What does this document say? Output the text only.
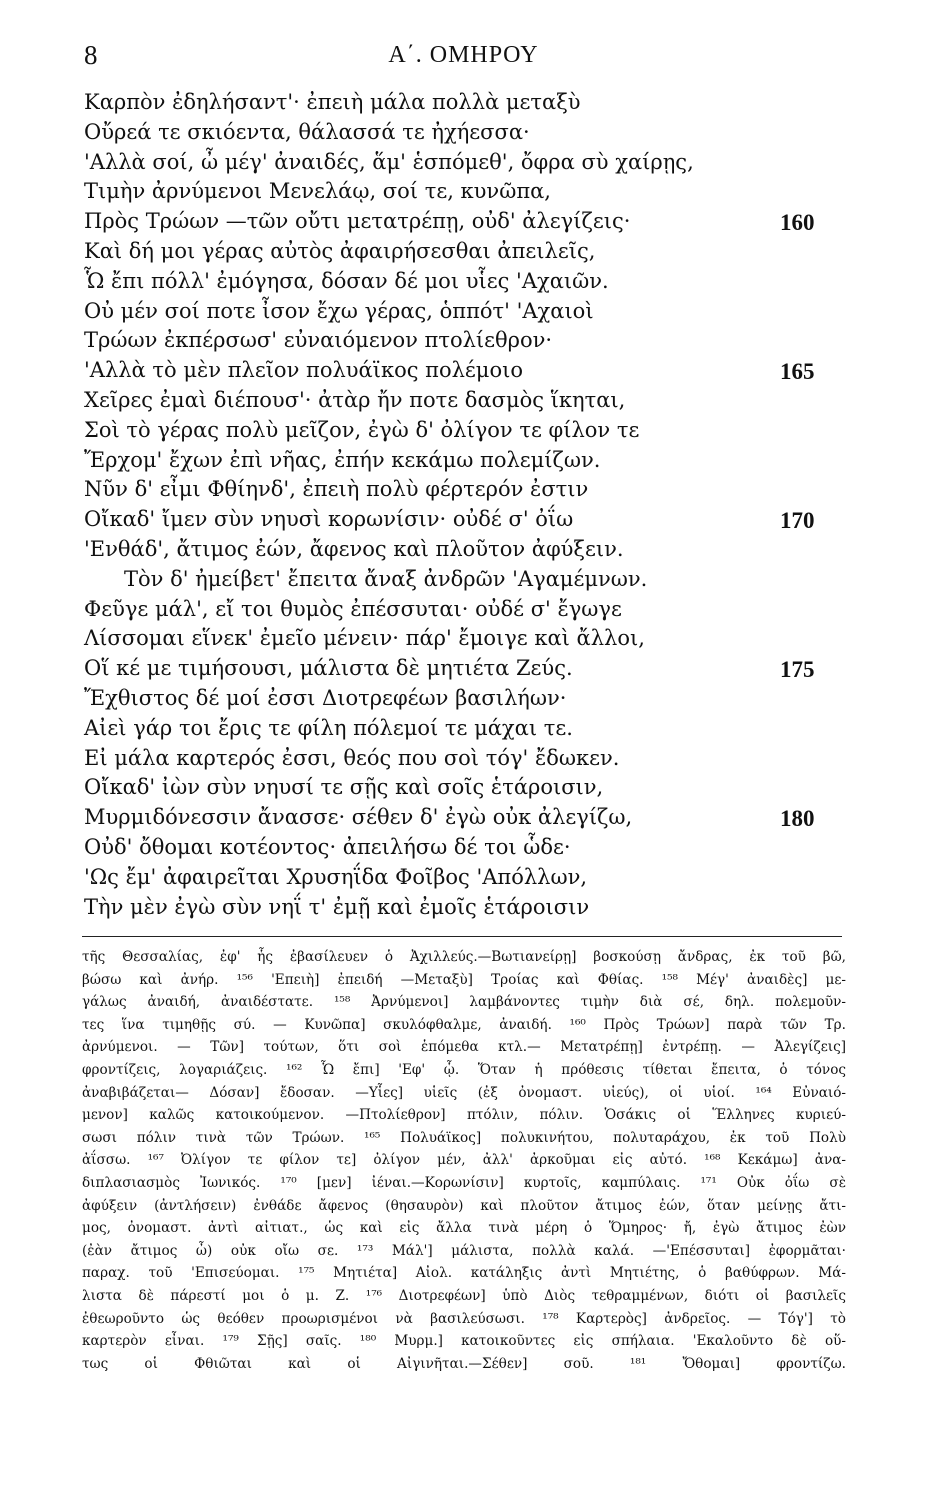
8	Α΄. ΟΜΗΡΟΥ
Καρπὸν ἐδηλήσαντ'· ἐπειὴ μάλα πολλὰ μεταξὺ
Οὔρεά τε σκιόεντα, θάλασσά τε ἠχήεσσα·
'Αλλὰ σοί, ὦ μέγ' ἀναιδές, ἅμ' ἑσπόμεθ', ὄφρα σὺ χαίρῃς,
Τιμὴν ἀρνύμενοι Μενελάῳ, σοί τε, κυνῶπα,
Πρὸς Τρώων —τῶν οὔτι μετατρέπῃ, οὐδ' ἀλεγίζεις·	160
Καὶ δή μοι γέρας αὐτὸς ἀφαιρήσεσθαι ἀπειλεῖς,
Ὧ ἔπι πόλλ' ἐμόγησα, δόσαν δέ μοι υἷες 'Αχαιῶν.
Οὐ μέν σοί ποτε ἶσον ἔχω γέρας, ὁππότ' 'Αχαιοὶ
Τρώων ἐκπέρσωσ' εὐναιόμενον πτολίεθρον·
'Αλλὰ τὸ μὲν πλεῖον πολυάϊκος πολέμοιο	165
Χεῖρες ἐμαὶ διέπουσ'· ἀτὰρ ἤν ποτε δασμὸς ἵκηται,
Σοὶ τὸ γέρας πολὺ μεῖζον, ἐγὼ δ' ὀλίγον τε φίλον τε
Ἔρχομ' ἔχων ἐπὶ νῆας, ἐπήν κεκάμω πολεμίζων.
Νῦν δ' εἶμι Φθίηνδ', ἐπειὴ πολὺ φέρτερόν ἐστιν
Οἴκαδ' ἴμεν σὺν νηυσὶ κορωνίσιν· οὐδέ σ' ὀΐω	170
'Ενθάδ', ἄτιμος ἐών, ἄφενος καὶ πλοῦτον ἀφύξειν.
Τὸν δ' ἠμείβετ' ἔπειτα ἄναξ ἀνδρῶν 'Αγαμέμνων.
Φεῦγε μάλ', εἴ τοι θυμὸς ἐπέσσυται· οὐδέ σ' ἔγωγε
Λίσσομαι εἵνεκ' ἐμεῖο μένειν· πάρ' ἔμοιγε καὶ ἄλλοι,
Οἵ κέ με τιμήσουσι, μάλιστα δὲ μητιέτα Ζεύς.	175
Ἔχθιστος δέ μοί ἐσσι Διοτρεφέων βασιλήων·
Αἰεὶ γάρ τοι ἔρις τε φίλη πόλεμοί τε μάχαι τε.
Εἰ μάλα καρτερός ἐσσι, θεός που σοὶ τόγ' ἔδωκεν.
Οἴκαδ' ἰὼν σὺν νηυσί τε σῇς καὶ σοῖς ἑτάροισιν,
Μυρμιδόνεσσιν ἄνασσε· σέθεν δ' ἐγὼ οὐκ ἀλεγίζω,	180
Οὐδ' ὄθομαι κοτέοντος· ἀπειλήσω δέ τοι ὧδε·
'Ως ἔμ' ἀφαιρεῖται Χρυσηΐδα Φοῖβος 'Απόλλων,
Τὴν μὲν ἐγὼ σὺν νηΐ τ' ἐμῇ καὶ ἐμοῖς ἑτάροισιν
τῆς Θεσσαλίας, ἐφ' ἧς ἐβασίλευεν ὁ Ἀχιλλεύς.—Βωτιανείρῃ] βοσκούσῃ ἄνδρας, ἐκ τοῦ βῶ,
βώσω καὶ ἀνήρ. ¹⁵⁶ 'Επειὴ] ἐπειδή —Μεταξὺ] Τροίας καὶ Φθίας. ¹⁵⁸ Μέγ' ἀναιδὲς] με-
γάλως ἀναιδή, ἀναιδέστατε. ¹⁵⁸ Ἀρνύμενοι] λαμβάνοντες τιμὴν διὰ σέ, δηλ. πολεμοῦν-
τες ἵνα τιμηθῇς σύ. — Κυνῶπα] σκυλόφθαλμε, ἀναιδή. ¹⁶⁰ Πρὸς Τρώων] παρὰ τῶν Τρ.
ἀρνύμενοι. — Τῶν] τούτων, ὅτι σοὶ ἑπόμεθα κτλ.— Μετατρέπῃ] ἐντρέπῃ. — Ἀλεγίζεις]
φροντίζεις, λογαριάζεις. ¹⁶² Ὧ ἔπι] 'Εφ' ᾧ. Ὅταν ἡ πρόθεσις τίθεται ἔπειτα, ὁ τόνος
ἀναβιβάζεται— Δόσαν] ἔδοσαν. —Υἷες] υἱεῖς (ἐξ ὀνομαστ. υἱεύς), οἱ υἱοί. ¹⁶⁴ Εὐναιό-
μενον] καλῶς κατοικούμενον. —Πτολίεθρον] πτόλιν, πόλιν. Ὁσάκις οἱ Ἕλληνες κυριεύ-
σωσι πόλιν τινὰ τῶν Τρώων. ¹⁶⁵ Πολυάϊκος] πολυκινήτου, πολυταράχου, ἐκ τοῦ Πολὺ
ἀΐσσω. ¹⁶⁷ Ὀλίγον τε φίλον τε] ὀλίγον μέν, ἀλλ' ἀρκοῦμαι εἰς αὐτό. ¹⁶⁸ Κεκάμω] ἀνα-
διπλασιασμὸς Ἰωνικός. ¹⁷⁰ [μεν] ἰέναι.—Κορωνίσιν] κυρτοῖς, καμπύλαις. ¹⁷¹ Οὐκ ὀΐω σὲ
ἀφύξειν (ἀντλήσειν) ἐνθάδε ἄφενος (θησαυρὸν) καὶ πλοῦτον ἄτιμος ἐών, ὅταν μείνῃς ἄτι-
μος, ὀνομαστ. ἀντὶ αἰτιατ., ὡς καὶ εἰς ἄλλα τινὰ μέρη ὁ Ὅμηρος· ἤ, ἐγὼ ἄτιμος ἐὼν
(ἐὰν ἄτιμος ὦ) οὐκ οἴω σε. ¹⁷³ Μάλ'] μάλιστα, πολλὰ καλά. —'Επέσσυται] ἐφορμᾶται·
παραχ. τοῦ 'Επισεύομαι. ¹⁷⁵ Μητιέτα] Αἰολ. κατάληξις ἀντὶ Μητιέτης, ὁ βαθύφρων. Μά-
λιστα δὲ πάρεστί μοι ὁ μ. Ζ. ¹⁷⁶ Διοτρεφέων] ὑπὸ Διὸς τεθραμμένων, διότι οἱ βασιλεῖς
ἐθεωροῦντο ὡς θεόθεν προωρισμένοι νὰ βασιλεύσωσι. ¹⁷⁸ Καρτερὸς] ἀνδρεῖος. — Τόγ'] τὸ
καρτερὸν εἶναι. ¹⁷⁹ Σῇς] σαῖς. ¹⁸⁰ Μυρμ.] κατοικοῦντες εἰς σπήλαια. 'Εκαλοῦντο δὲ οὕ-
τως οἱ Φθιῶται καὶ οἱ Αἰγινῆται.—Σέθεν] σοῦ. ¹⁸¹ Ὄθομαι] φροντίζω.
